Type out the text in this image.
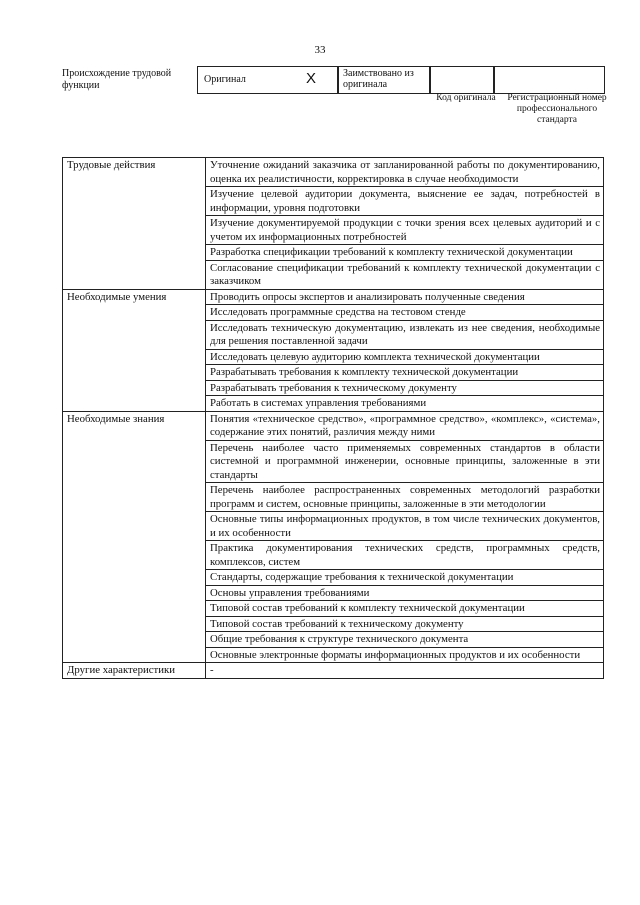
33
Происхождение трудовой функции
Оригинал	X	Заимствовано из оригинала
Код оригинала	Регистрационный номер профессионального стандарта
Трудовые действия	Уточнение ожиданий заказчика от запланированной работы по документированию, оценка их реалистичности, корректировка в случае необходимости
	Изучение целевой аудитории документа, выяснение ее задач, потребностей в информации, уровня подготовки
	Изучение документируемой продукции с точки зрения всех целевых аудиторий и с учетом их информационных потребностей
	Разработка спецификации требований к комплекту технической документации
	Согласование спецификации требований к комплекту технической документации с заказчиком
Необходимые умения	Проводить опросы экспертов и анализировать полученные сведения
	Исследовать программные средства на тестовом стенде
	Исследовать техническую документацию, извлекать из нее сведения, необходимые для решения поставленной задачи
	Исследовать целевую аудиторию комплекта технической документации
	Разрабатывать требования к комплекту технической документации
	Разрабатывать требования к техническому документу
	Работать в системах управления требованиями
Необходимые знания	Понятия «техническое средство», «программное средство», «комплекс», «система», содержание этих понятий, различия между ними
	Перечень наиболее часто применяемых современных стандартов в области системной и программной инженерии, основные принципы, заложенные в эти стандарты
	Перечень наиболее распространенных современных методологий разработки программ и систем, основные принципы, заложенные в эти методологии
	Основные типы информационных продуктов, в том числе технических документов, и их особенности
	Практика документирования технических средств, программных средств, комплексов, систем
	Стандарты, содержащие требования к технической документации
	Основы управления требованиями
	Типовой состав требований к комплекту технической документации
	Типовой состав требований к техническому документу
	Общие требования к структуре технического документа
	Основные электронные форматы информационных продуктов и их особенности
Другие характеристики	-
